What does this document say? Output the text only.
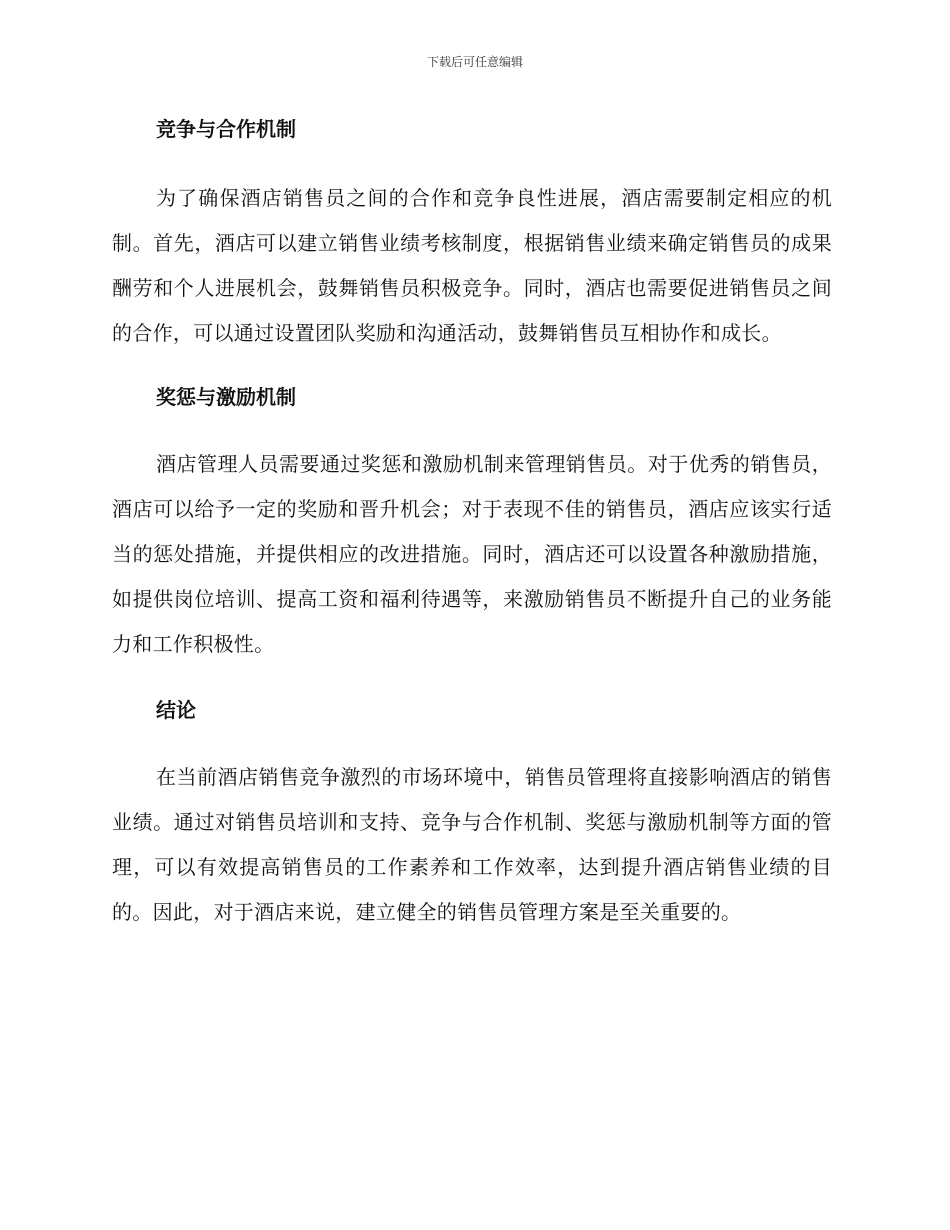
下载后可任意编辑
竞争与合作机制

为了确保酒店销售员之间的合作和竞争良性进展，酒店需要制定相应的机制。首先，酒店可以建立销售业绩考核制度，根据销售业绩来确定销售员的成果酬劳和个人进展机会，鼓舞销售员积极竞争。同时，酒店也需要促进销售员之间的合作，可以通过设置团队奖励和沟通活动，鼓舞销售员互相协作和成长。

奖惩与激励机制

酒店管理人员需要通过奖惩和激励机制来管理销售员。对于优秀的销售员，酒店可以给予一定的奖励和晋升机会；对于表现不佳的销售员，酒店应该实行适当的惩处措施，并提供相应的改进措施。同时，酒店还可以设置各种激励措施，如提供岗位培训、提高工资和福利待遇等，来激励销售员不断提升自己的业务能力和工作积极性。

结论

在当前酒店销售竞争激烈的市场环境中，销售员管理将直接影响酒店的销售业绩。通过对销售员培训和支持、竞争与合作机制、奖惩与激励机制等方面的管理，可以有效提高销售员的工作素养和工作效率，达到提升酒店销售业绩的目的。因此，对于酒店来说，建立健全的销售员管理方案是至关重要的。
